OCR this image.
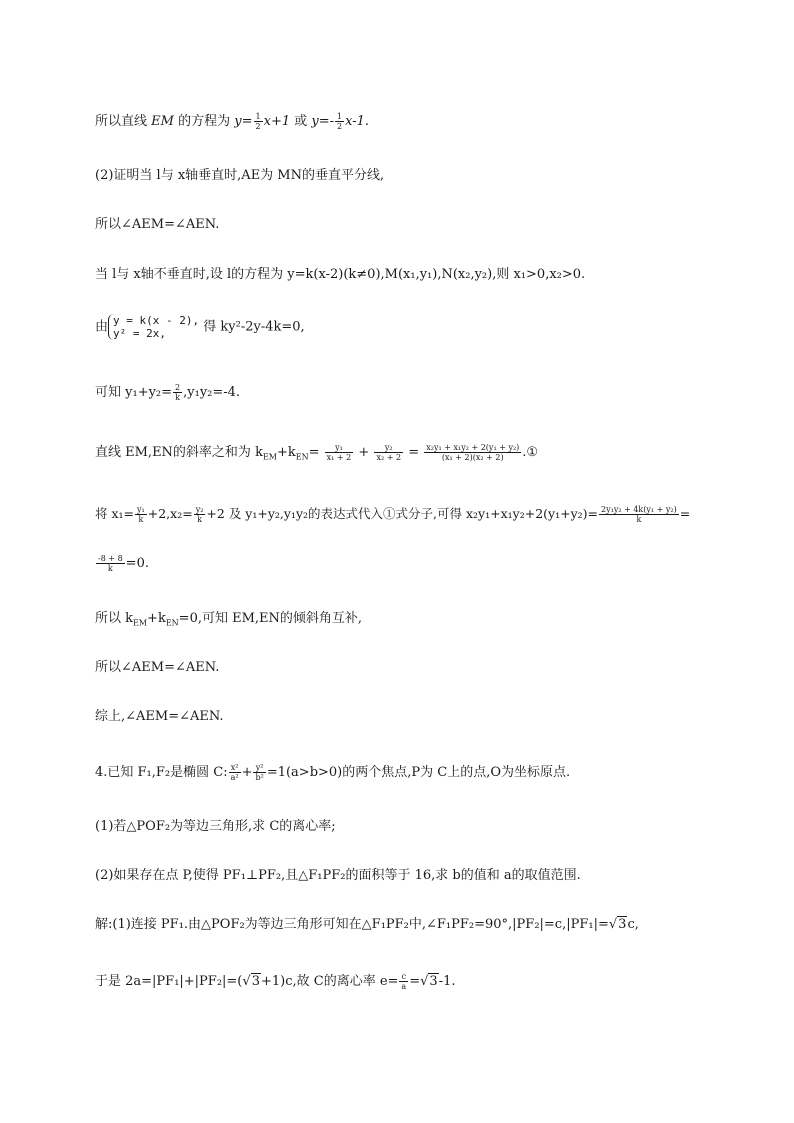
所以直线 EM 的方程为 $y= \frac{1}{2} x+1$ 或 $y=- \frac{1}{2} x-1$.
(2)证明当 l与 x轴垂直时,AE为 MN的垂直平分线,
所以∠AEM=∠AEN.
当 l与 x轴不垂直时,设 l的方程为 y=k(x-2)(k≠0),M(x₁,y₁),N(x₂,y₂),则 x₁>0,x₂>0.
由 y = k(x - 2),
y² = 2x,	得 ky²-2y-4k=0,
可知 $y_1+y_2= \frac{2}{k} ,y_1y_2=-4$.
直线 EM,EN的斜率之和为 $k_{EM}+k_{EN}= \frac{\text{y₁}}{\text{x₁ + 2}} + \frac{\text{y₂}}{\text{x₂ + 2}} = \frac{\text{x₂y₁ + x₁y₂ + 2(y₁ + y₂)}}{\text{(x₁ + 2)(x₂ + 2)}}$ .①
将 $x_1= \frac{\text{y₁}}{k} +2,x_2= \frac{\text{y₂}}{k} +2$ 及 y₁+y₂,y₁y₂的表达式代入①式分子,可得 $x_2y_1+x_1y_2+2(y_1+y_2)= \frac{\text{2y₁y₂ + 4k(y₁ + y₂)}}{k}$ =
$\frac{-8 + 8}{k} =0$.
所以 $k_{EM}+k_{EN}=0$,可知 EM,EN的倾斜角互补,
所以∠AEM=∠AEN.
综上,∠AEM=∠AEN.
4.已知 F₁,F₂是椭圆 C: $\frac{\text{x²}}{\text{a²}} + \frac{\text{y²}}{\text{b²}} =1(a>b>0)$的两个焦点,P为 C上的点,O为坐标原点.
(1)若△POF₂为等边三角形,求 C的离心率;
(2)如果存在点 P,使得 PF₁⊥PF₂,且△F₁PF₂的面积等于 16,求 b的值和 a的取值范围.
解:(1)连接 PF₁.由△POF₂为等边三角形可知在△F₁PF₂中,∠F₁PF₂=90°,|PF₂|=c,|PF₁|=√3c,
于是 2a=|PF₁|+|PF₂|=(√3+1)c,故 C的离心率 $e= \frac{c}{a} =√3-1$.
